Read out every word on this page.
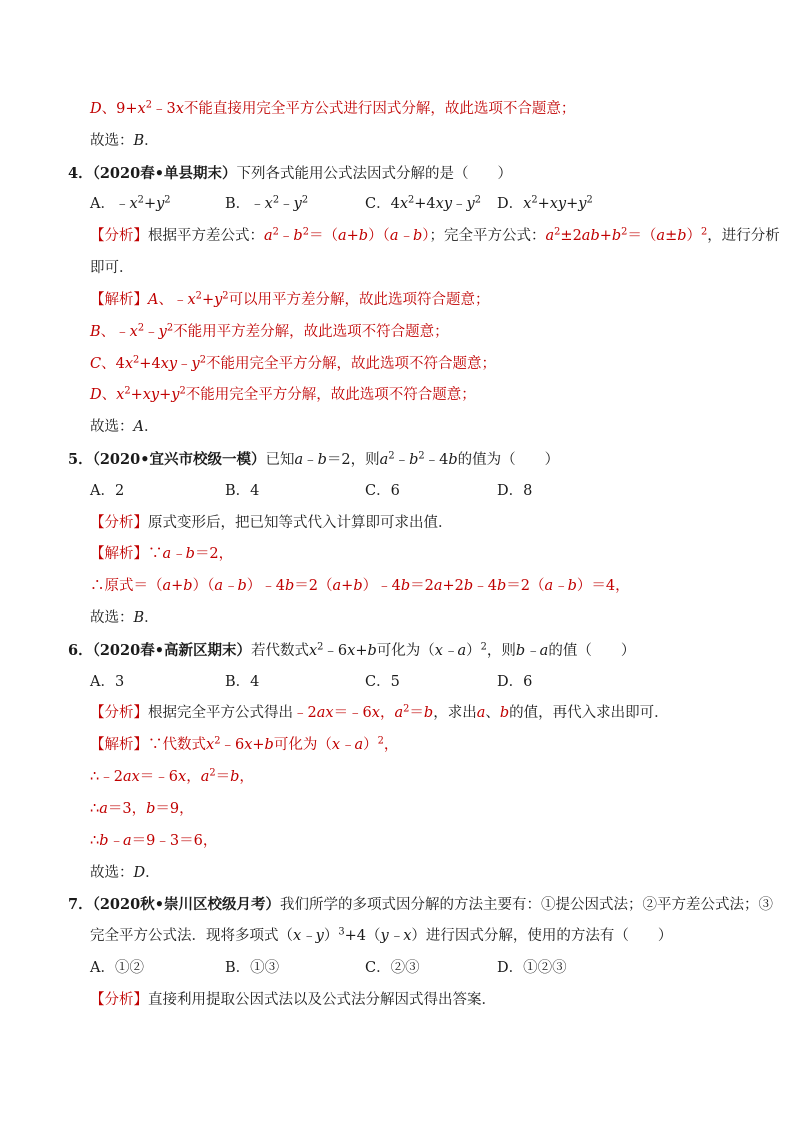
D、$9+x^2﹣3x$不能直接用完全平方公式进行因式分解，故此选项不合题意；
故选：B．
4．（2020春•单县期末）下列各式能用公式法因式分解的是（　　）
A．$﹣x^2+y^2$	B．$﹣x^2﹣y^2$	C．$4x^2+4xy﹣y^2$ D．$x^2+xy+y^2$
【分析】根据平方差公式：$a^2﹣b^2=(a+b)(a﹣b)$；完全平方公式：$a^2\pm 2ab+b^2=(a\pm b)^2$，进行分析
即可．
【解析】A、$﹣x^2+y^2$可以用平方差分解，故此选项符合题意；
B、$﹣x^2﹣y^2$不能用平方差分解，故此选项不符合题意；
C、$4x^2+4xy﹣y^2$不能用完全平方分解，故此选项不符合题意；
D、$x^2+xy+y^2$不能用完全平方分解，故此选项不符合题意；
故选：A．
5．（2020•宜兴市校级一模）已知a﹣b＝2，则$a^2﹣b^2﹣4b$的值为（　　）
A．2	B．4	C．6	D．8
【分析】原式变形后，把已知等式代入计算即可求出值．
【解析】∵a﹣b＝2，
∴原式＝（a+b）（a﹣b）﹣4b＝2（a+b）﹣4b＝2a+2b﹣4b＝2（a﹣b）＝4，
故选：B．
6．（2020春•高新区期末）若代数式$x^2﹣6x+b$可化为（x﹣a）$^2$，则b﹣a的值（　　）
A．3	B．4	C．5	D．6
【分析】根据完全平方公式得出﹣2ax＝﹣6x，$a^2=b$，求出a、b的值，再代入求出即可．
【解析】∵代数式$x^2﹣6x+b$可化为（x﹣a）$^2$，
∴﹣2ax＝﹣6x，$a^2=b$，
∴a＝3，b＝9，
∴b﹣a＝9﹣3＝6，
故选：D．
7．（2020秋•崇川区校级月考）我们所学的多项式因分解的方法主要有：①提公因式法；②平方差公式法；③
完全平方公式法．现将多项式（x﹣y）$^3$+4（y﹣x）进行因式分解，使用的方法有（　　）
A．①②	B．①③	C．②③	D．①②③
【分析】直接利用提取公因式法以及公式法分解因式得出答案．
